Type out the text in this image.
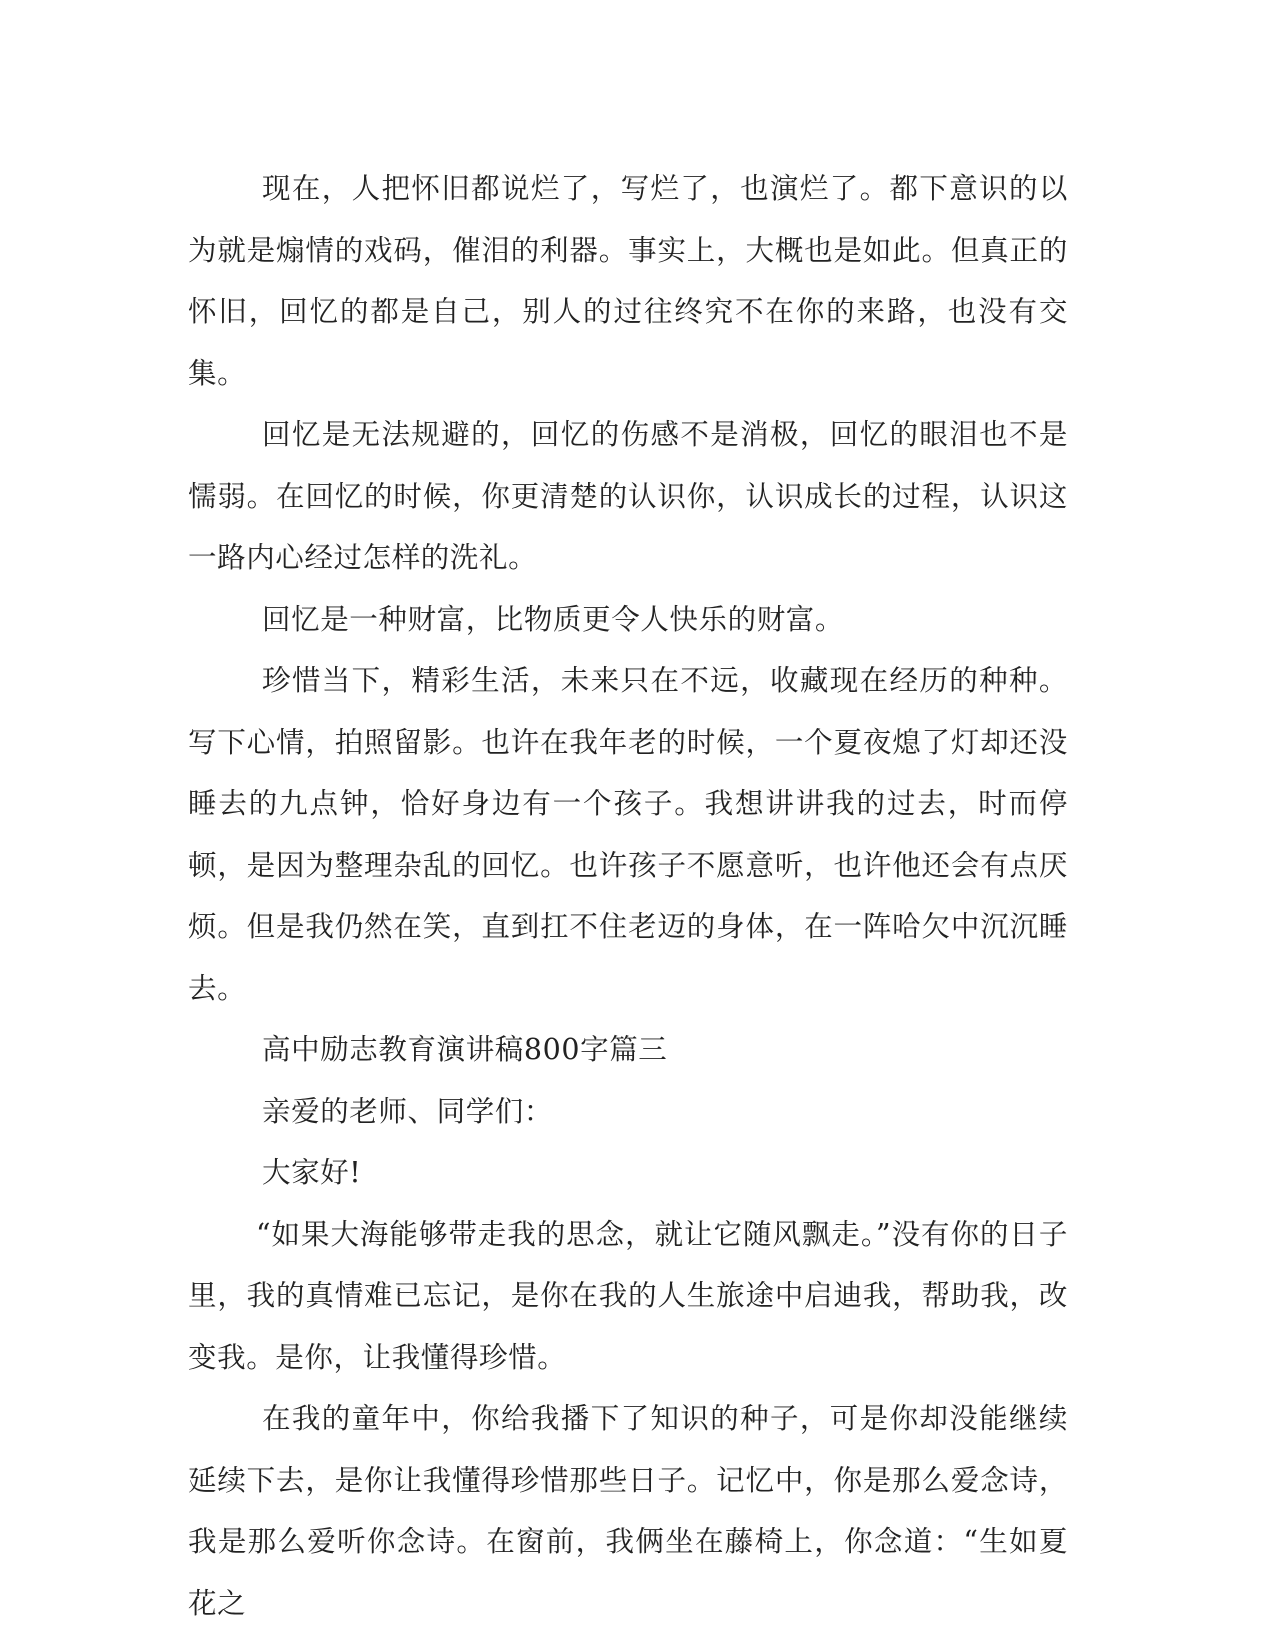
现在，人把怀旧都说烂了，写烂了，也演烂了。都下意识的以为就是煽情的戏码，催泪的利器。事实上，大概也是如此。但真正的怀旧，回忆的都是自己，别人的过往终究不在你的来路，也没有交集。

回忆是无法规避的，回忆的伤感不是消极，回忆的眼泪也不是懦弱。在回忆的时候，你更清楚的认识你，认识成长的过程，认识这一路内心经过怎样的洗礼。

回忆是一种财富，比物质更令人快乐的财富。

珍惜当下，精彩生活，未来只在不远，收藏现在经历的种种。写下心情，拍照留影。也许在我年老的时候，一个夏夜熄了灯却还没睡去的九点钟，恰好身边有一个孩子。我想讲讲我的过去，时而停顿，是因为整理杂乱的回忆。也许孩子不愿意听，也许他还会有点厌烦。但是我仍然在笑，直到扛不住老迈的身体，在一阵哈欠中沉沉睡去。

高中励志教育演讲稿800字篇三

亲爱的老师、同学们：

大家好!

“如果大海能够带走我的思念，就让它随风飘走。”没有你的日子里，我的真情难已忘记，是你在我的人生旅途中启迪我，帮助我，改变我。是你，让我懂得珍惜。

在我的童年中，你给我播下了知识的种子，可是你却没能继续延续下去，是你让我懂得珍惜那些日子。记忆中，你是那么爱念诗，我是那么爱听你念诗。在窗前，我俩坐在藤椅上，你念道：“生如夏花之
